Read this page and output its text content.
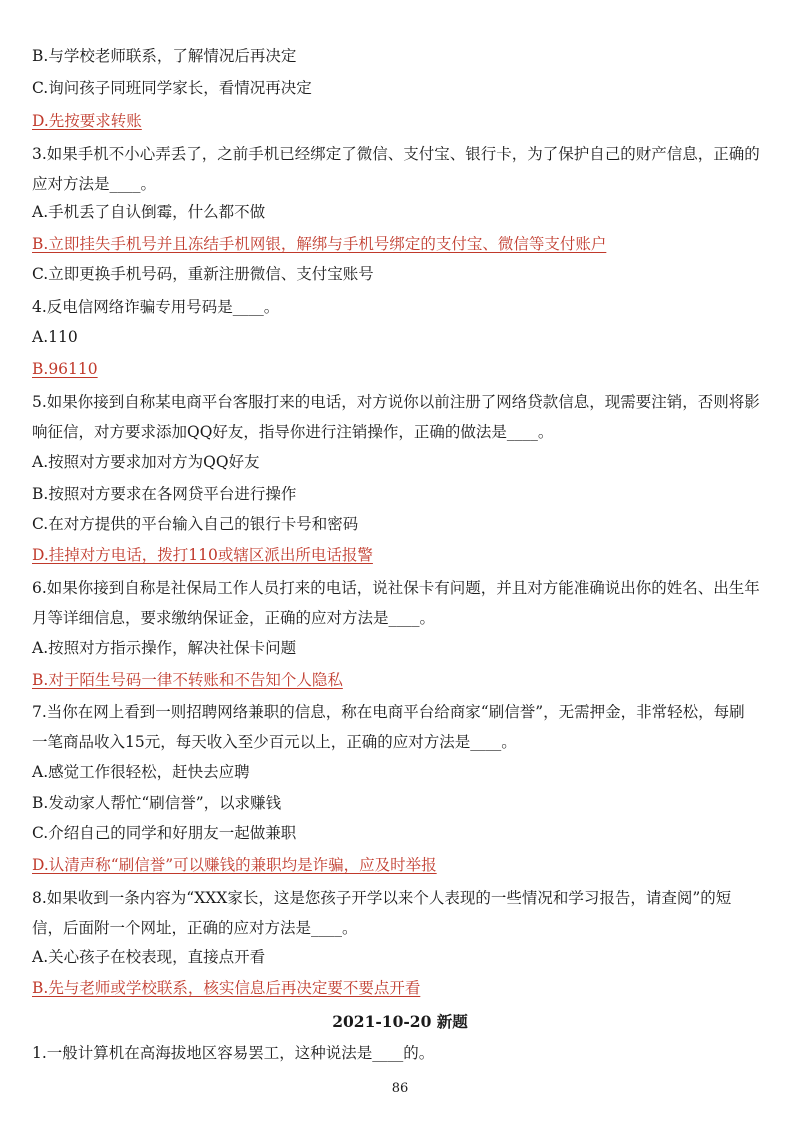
B.与学校老师联系，了解情况后再决定
C.询问孩子同班同学家长，看情况再决定
D.先按要求转账
3.如果手机不小心弄丢了，之前手机已经绑定了微信、支付宝、银行卡，为了保护自己的财产信息，正确的
应对方法是____。
A.手机丢了自认倒霉，什么都不做
B.立即挂失手机号并且冻结手机网银，解绑与手机号绑定的支付宝、微信等支付账户
C.立即更换手机号码，重新注册微信、支付宝账号
4.反电信网络诈骗专用号码是____。
A.110
B.96110
5.如果你接到自称某电商平台客服打来的电话，对方说你以前注册了网络贷款信息，现需要注销，否则将影
响征信，对方要求添加QQ好友，指导你进行注销操作，正确的做法是____。
A.按照对方要求加对方为QQ好友
B.按照对方要求在各网贷平台进行操作
C.在对方提供的平台输入自己的银行卡号和密码
D.挂掉对方电话，拨打110或辖区派出所电话报警
6.如果你接到自称是社保局工作人员打来的电话，说社保卡有问题，并且对方能准确说出你的姓名、出生年
月等详细信息，要求缴纳保证金，正确的应对方法是____。
A.按照对方指示操作，解决社保卡问题
B.对于陌生号码一律不转账和不告知个人隐私
7.当你在网上看到一则招聘网络兼职的信息，称在电商平台给商家“刷信誉”，无需押金，非常轻松，每刷
一笔商品收入15元，每天收入至少百元以上，正确的应对方法是____。
A.感觉工作很轻松，赶快去应聘
B.发动家人帮忙“刷信誉”，以求赚钱
C.介绍自己的同学和好朋友一起做兼职
D.认清声称“刷信誉”可以赚钱的兼职均是诈骗，应及时举报
8.如果收到一条内容为“XXX家长，这是您孩子开学以来个人表现的一些情况和学习报告，请查阅”的短
信，后面附一个网址，正确的应对方法是____。
A.关心孩子在校表现，直接点开看
B.先与老师或学校联系，核实信息后再决定要不要点开看
2021-10-20 新题
1.一般计算机在高海拔地区容易罢工，这种说法是____的。
86
